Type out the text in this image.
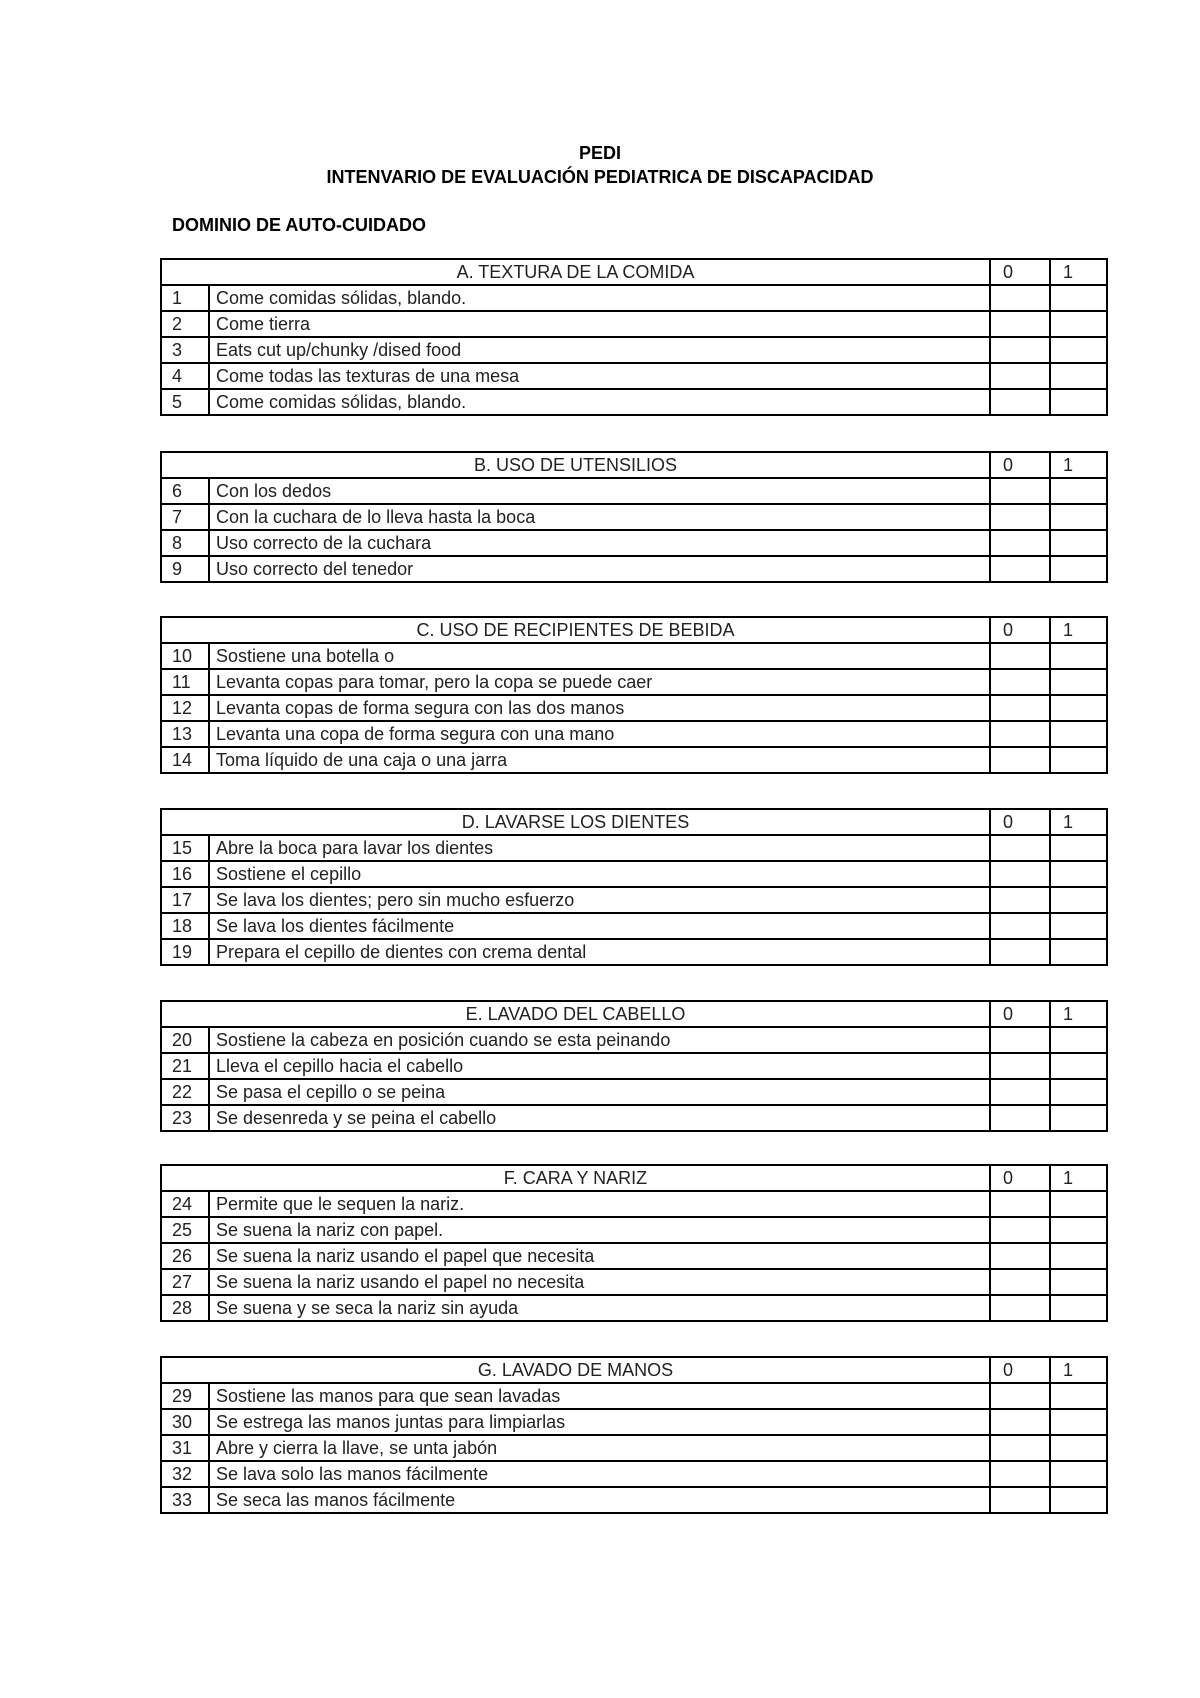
PEDI
INTENVARIO DE EVALUACIÓN PEDIATRICA DE DISCAPACIDAD
DOMINIO DE AUTO-CUIDADO
A. TEXTURA DE LA COMIDA		0	1
1	Come comidas sólidas, blando.		
2	Come tierra		
3	Eats cut up/chunky /dised food		
4	Come todas las texturas de una mesa		
5	Come comidas sólidas, blando.		
B. USO DE UTENSILIOS		0	1
6	Con los dedos		
7	Con la cuchara de lo lleva hasta la boca		
8	Uso correcto de la cuchara		
9	Uso correcto del tenedor		
C. USO DE RECIPIENTES DE BEBIDA		0	1
10	Sostiene una botella o		
11	Levanta copas para tomar, pero la copa se puede caer		
12	Levanta copas de forma segura con las dos manos		
13	Levanta una copa de forma segura con una mano		
14	Toma líquido de una caja o una jarra		
D. LAVARSE LOS DIENTES		0	1
15	Abre la boca para lavar los dientes		
16	Sostiene el cepillo		
17	Se lava los dientes; pero sin mucho esfuerzo		
18	Se lava los dientes fácilmente		
19	Prepara el cepillo de dientes con crema dental		
E. LAVADO DEL CABELLO		0	1
20	Sostiene la cabeza en posición cuando se esta peinando		
21	Lleva el cepillo hacia el cabello		
22	Se pasa el cepillo o se peina		
23	Se desenreda y se peina el cabello		
F. CARA Y NARIZ		0	1
24	Permite que le sequen la nariz.		
25	Se suena la nariz con papel.		
26	Se suena la nariz usando el papel que necesita		
27	Se suena la nariz usando el papel no necesita		
28	Se suena y se seca la nariz sin ayuda		
G. LAVADO DE MANOS		0	1
29	Sostiene las manos para que sean lavadas		
30	Se estrega las manos juntas para limpiarlas		
31	Abre y cierra la llave, se unta jabón		
32	Se lava solo las manos fácilmente		
33	Se seca las manos fácilmente		
